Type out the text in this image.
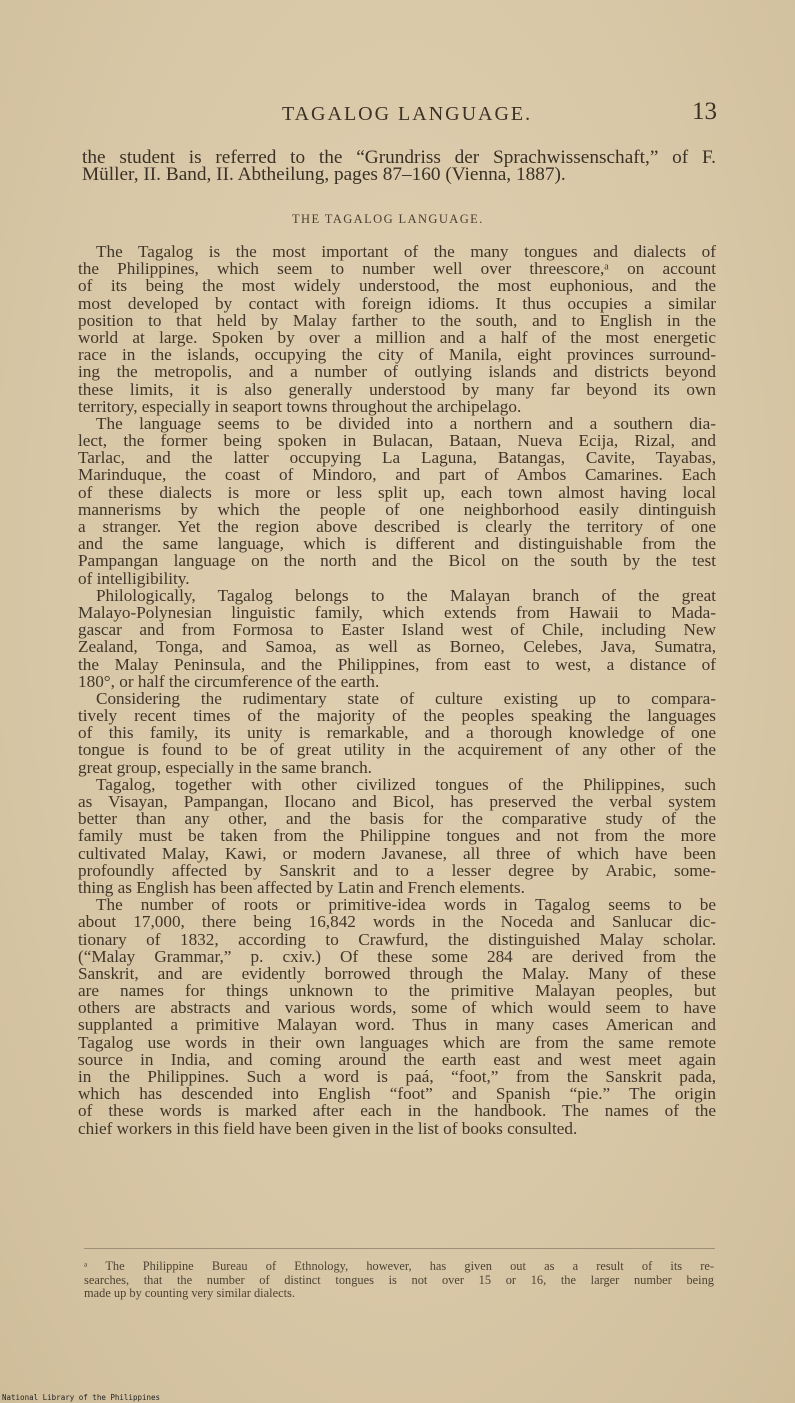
TAGALOG LANGUAGE.	13
the student is referred to the “Grundriss der Sprachwissenschaft,” of F.
Müller, II. Band, II. Abtheilung, pages 87–160 (Vienna, 1887).
THE TAGALOG LANGUAGE.
The Tagalog is the most important of the many tongues and dialects of
the Philippines, which seem to number well over threescore,ᵃ on account
of its being the most widely understood, the most euphonious, and the
most developed by contact with foreign idioms. It thus occupies a similar
position to that held by Malay farther to the south, and to English in the
world at large. Spoken by over a million and a half of the most energetic
race in the islands, occupying the city of Manila, eight provinces surround-
ing the metropolis, and a number of outlying islands and districts beyond
these limits, it is also generally understood by many far beyond its own
territory, especially in seaport towns throughout the archipelago.
The language seems to be divided into a northern and a southern dia-
lect, the former being spoken in Bulacan, Bataan, Nueva Ecija, Rizal, and
Tarlac, and the latter occupying La Laguna, Batangas, Cavite, Tayabas,
Marinduque, the coast of Mindoro, and part of Ambos Camarines. Each
of these dialects is more or less split up, each town almost having local
mannerisms by which the people of one neighborhood easily dintinguish
a stranger. Yet the region above described is clearly the territory of one
and the same language, which is different and distinguishable from the
Pampangan language on the north and the Bicol on the south by the test
of intelligibility.
Philologically, Tagalog belongs to the Malayan branch of the great
Malayo-Polynesian linguistic family, which extends from Hawaii to Mada-
gascar and from Formosa to Easter Island west of Chile, including New
Zealand, Tonga, and Samoa, as well as Borneo, Celebes, Java, Sumatra,
the Malay Peninsula, and the Philippines, from east to west, a distance of
180°, or half the circumference of the earth.
Considering the rudimentary state of culture existing up to compara-
tively recent times of the majority of the peoples speaking the languages
of this family, its unity is remarkable, and a thorough knowledge of one
tongue is found to be of great utility in the acquirement of any other of the
great group, especially in the same branch.
Tagalog, together with other civilized tongues of the Philippines, such
as Visayan, Pampangan, Ilocano and Bicol, has preserved the verbal system
better than any other, and the basis for the comparative study of the
family must be taken from the Philippine tongues and not from the more
cultivated Malay, Kawi, or modern Javanese, all three of which have been
profoundly affected by Sanskrit and to a lesser degree by Arabic, some-
thing as English has been affected by Latin and French elements.
The number of roots or primitive-idea words in Tagalog seems to be
about 17,000, there being 16,842 words in the Noceda and Sanlucar dic-
tionary of 1832, according to Crawfurd, the distinguished Malay scholar.
(“Malay Grammar,” p. cxiv.) Of these some 284 are derived from the
Sanskrit, and are evidently borrowed through the Malay. Many of these
are names for things unknown to the primitive Malayan peoples, but
others are abstracts and various words, some of which would seem to have
supplanted a primitive Malayan word. Thus in many cases American and
Tagalog use words in their own languages which are from the same remote
source in India, and coming around the earth east and west meet again
in the Philippines. Such a word is paá, “foot,” from the Sanskrit pada,
which has descended into English “foot” and Spanish “pie.” The origin
of these words is marked after each in the handbook. The names of the
chief workers in this field have been given in the list of books consulted.
ᵃ The Philippine Bureau of Ethnology, however, has given out as a result of its re-
searches, that the number of distinct tongues is not over 15 or 16, the larger number being
made up by counting very similar dialects.
National Library of the Philippines
